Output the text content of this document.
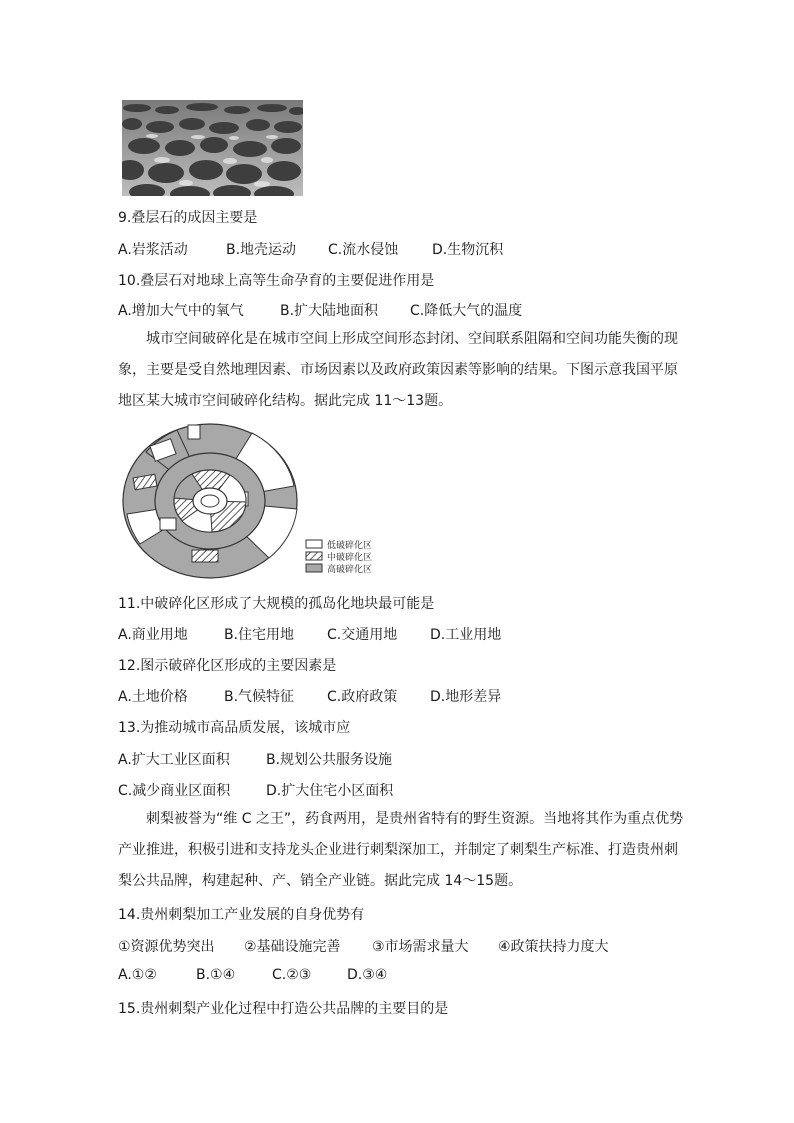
9.叠层石的成因主要是
A.岩浆活动	B.地壳运动 C.流水侵蚀 D.生物沉积
10.叠层石对地球上高等生命孕育的主要促进作用是
A.增加大气中的氧气	B.扩大陆地面积 C.降低大气的温度

城市空间破碎化是在城市空间上形成空间形态封闭、空间联系阻隔和空间功能失衡的现象，主要是受自然地理因素、市场因素以及政府政策因素等影响的结果。下图示意我国平原地区某大城市空间破碎化结构。据此完成 11～13题。

低破碎化区
中破碎化区
高破碎化区
11.中破碎化区形成了大规模的孤岛化地块最可能是
A.商业用地	B.住宅用地 C.交通用地 D.工业用地
12.图示破碎化区形成的主要因素是
A.土地价格	B.气候特征 C.政府政策 D.地形差异
13.为推动城市高品质发展，该城市应
A.扩大工业区面积	B.规划公共服务设施
C.减少商业区面积	D.扩大住宅小区面积

刺梨被誉为“维 C 之王”，药食两用，是贵州省特有的野生资源。当地将其作为重点优势产业推进，积极引进和支持龙头企业进行刺梨深加工，并制定了刺梨生产标准、打造贵州刺梨公共品牌，构建起种、产、销全产业链。据此完成 14～15题。

14.贵州刺梨加工产业发展的自身优势有
①资源优势突出 ②基础设施完善 ③市场需求量大 ④政策扶持力度大
A.①②	B.①④	C.②③	D.③④
15.贵州刺梨产业化过程中打造公共品牌的主要目的是
